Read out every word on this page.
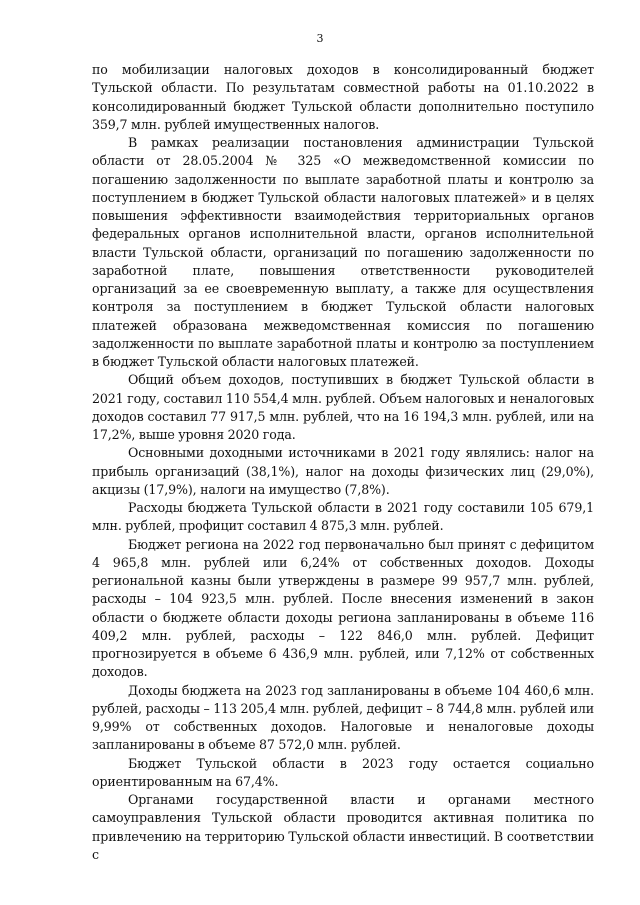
3

по мобилизации налоговых доходов в консолидированный бюджет Тульской области. По результатам совместной работы на 01.10.2022 в консолидированный бюджет Тульской области дополнительно поступило 359,7 млн. рублей имущественных налогов.

В рамках реализации постановления администрации Тульской области от 28.05.2004 № 325 «О межведомственной комиссии по погашению задолженности по выплате заработной платы и контролю за поступлением в бюджет Тульской области налоговых платежей» и в целях повышения эффективности взаимодействия территориальных органов федеральных органов исполнительной власти, органов исполнительной власти Тульской области, организаций по погашению задолженности по заработной плате, повышения ответственности руководителей организаций за ее своевременную выплату, а также для осуществления контроля за поступлением в бюджет Тульской области налоговых платежей образована межведомственная комиссия по погашению задолженности по выплате заработной платы и контролю за поступлением в бюджет Тульской области налоговых платежей.

Общий объем доходов, поступивших в бюджет Тульской области в 2021 году, составил 110 554,4 млн. рублей. Объем налоговых и неналоговых доходов составил 77 917,5 млн. рублей, что на 16 194,3 млн. рублей, или на 17,2%, выше уровня 2020 года.

Основными доходными источниками в 2021 году являлись: налог на прибыль организаций (38,1%), налог на доходы физических лиц (29,0%), акцизы (17,9%), налоги на имущество (7,8%).

Расходы бюджета Тульской области в 2021 году составили 105 679,1 млн. рублей, профицит составил 4 875,3 млн. рублей.

Бюджет региона на 2022 год первоначально был принят с дефицитом 4 965,8 млн. рублей или 6,24% от собственных доходов. Доходы региональной казны были утверждены в размере 99 957,7 млн. рублей, расходы – 104 923,5 млн. рублей. После внесения изменений в закон области о бюджете области доходы региона запланированы в объеме 116 409,2 млн. рублей, расходы – 122 846,0 млн. рублей. Дефицит прогнозируется в объеме 6 436,9 млн. рублей, или 7,12% от собственных доходов.

Доходы бюджета на 2023 год запланированы в объеме 104 460,6 млн. рублей, расходы – 113 205,4 млн. рублей, дефицит – 8 744,8 млн. рублей или 9,99% от собственных доходов. Налоговые и неналоговые доходы запланированы в объеме 87 572,0 млн. рублей.

Бюджет Тульской области в 2023 году остается социально ориентированным на 67,4%.

Органами государственной власти и органами местного самоуправления Тульской области проводится активная политика по привлечению на территорию Тульской области инвестиций. В соответствии с
